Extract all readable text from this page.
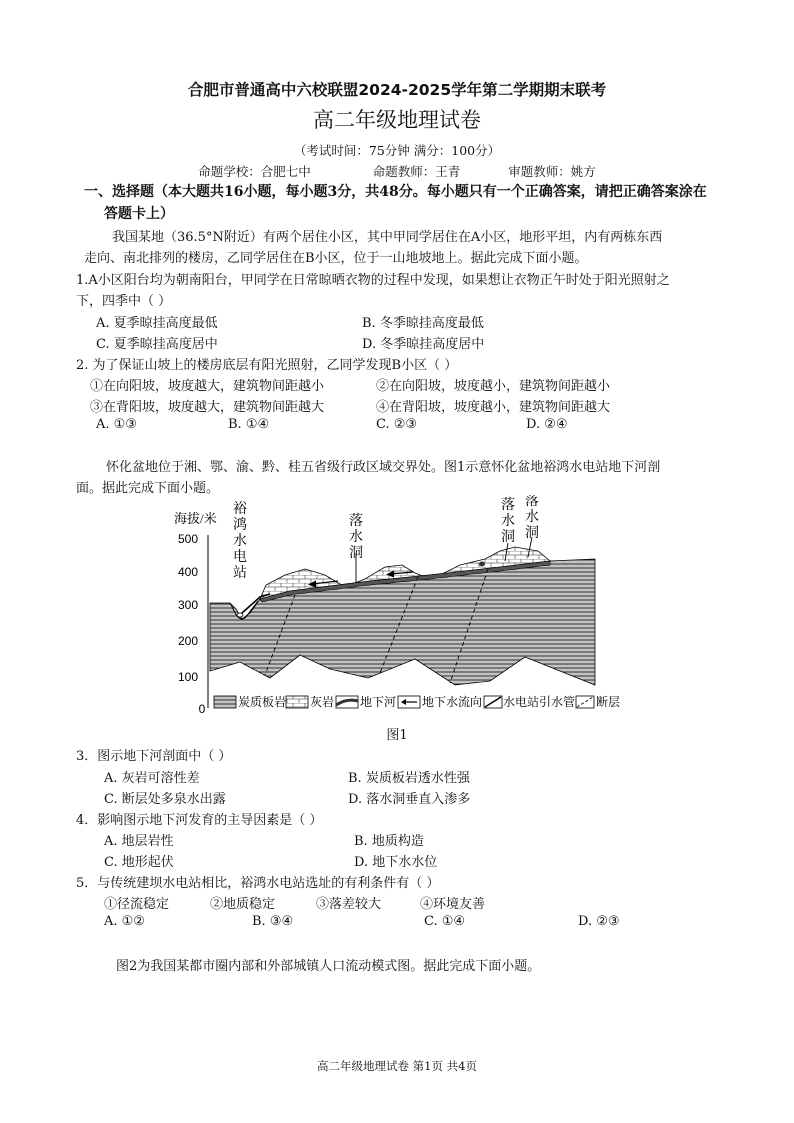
合肥市普通高中六校联盟2024-2025学年第二学期期末联考
高二年级地理试卷
（考试时间：75分钟 满分：100分）
命题学校：合肥七中	命题教师：王青	审题教师：姚方
一、选择题（本大题共16小题，每小题3分，共48分。每小题只有一个正确答案，请把正确答案涂在
答题卡上）
我国某地（36.5°N附近）有两个居住小区，其中甲同学居住在A小区，地形平坦，内有两栋东西
走向、南北排列的楼房，乙同学居住在B小区，位于一山地坡地上。据此完成下面小题。
1.A小区阳台均为朝南阳台，甲同学在日常晾晒衣物的过程中发现，如果想让衣物正午时处于阳光照射之
下，四季中（ ）
A. 夏季晾挂高度最低	B. 冬季晾挂高度最低
C. 夏季晾挂高度居中	D. 冬季晾挂高度居中
2. 为了保证山坡上的楼房底层有阳光照射，乙同学发现B小区（ ）
①在向阳坡，坡度越大，建筑物间距越小	②在向阳坡，坡度越小，建筑物间距越小
③在背阳坡，坡度越大，建筑物间距越大	④在背阳坡，坡度越小，建筑物间距越大
A. ①③	B. ①④	C. ②③	D. ②④
怀化盆地位于湘、鄂、渝、黔、桂五省级行政区域交界处。图1示意怀化盆地裕鸿水电站地下河剖
面。据此完成下面小题。
海拔/米
500
400
300
200
100
0
裕
鸿
水
电
站
落
水
洞
落
水
洞
落
水
洞
炭质板岩 灰岩 地下河 地下水流向 水电站引水管 断层
图1
3．图示地下河剖面中（ ）
A. 灰岩可溶性差	B. 炭质板岩透水性强
C. 断层处多泉水出露	D. 落水洞垂直入渗多
4．影响图示地下河发育的主导因素是（ ）
A. 地层岩性	B. 地质构造
C. 地形起伏	D. 地下水水位
5．与传统建坝水电站相比，裕鸿水电站选址的有利条件有（ ）
①径流稳定	②地质稳定	③落差较大	④环境友善
A. ①②	B. ③④	C. ①④	D. ②③
图2为我国某都市圈内部和外部城镇人口流动模式图。据此完成下面小题。
高二年级地理试卷 第1页 共4页
